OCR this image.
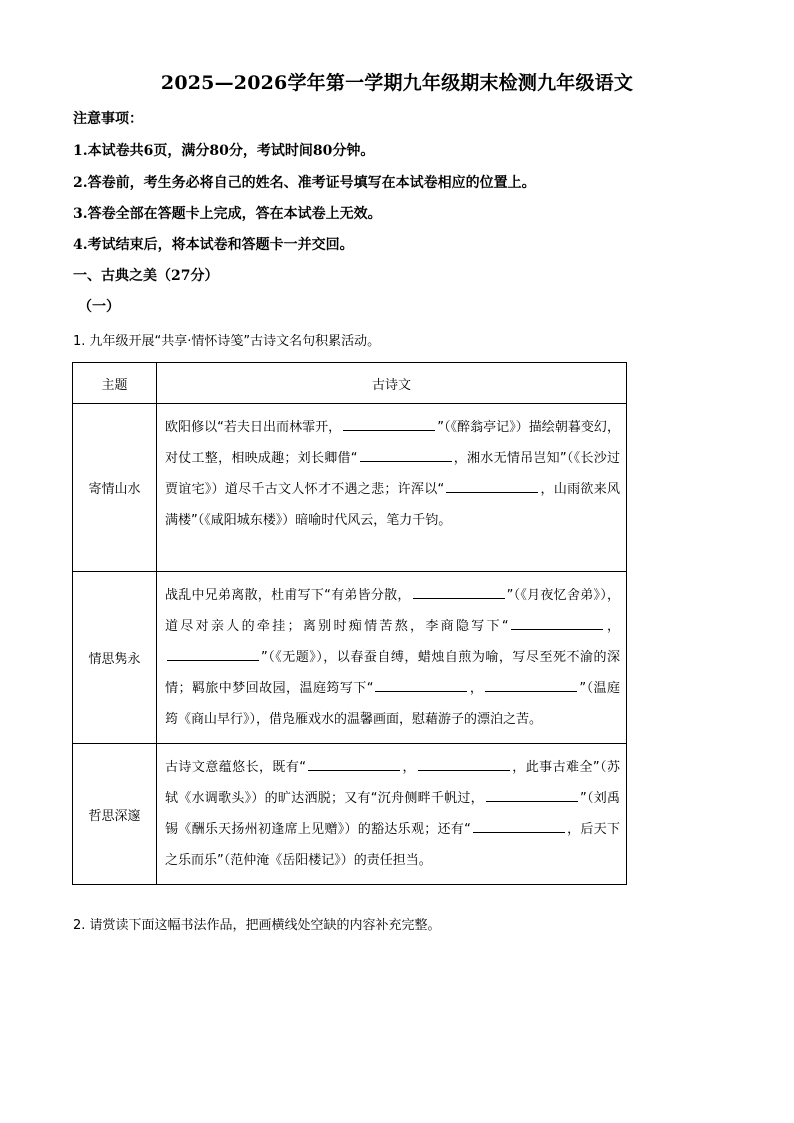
2025—2026学年第一学期九年级期末检测九年级语文
注意事项：
1.本试卷共6页，满分80分，考试时间80分钟。
2.答卷前，考生务必将自己的姓名、准考证号填写在本试卷相应的位置上。
3.答卷全部在答题卡上完成，答在本试卷上无效。
4.考试结束后，将本试卷和答题卡一并交回。
一、古典之美（27分）
（一）
1. 九年级开展“共享·情怀诗笺”古诗文名句积累活动。
主题	古诗文
寄情山水	欧阳修以“若夫日出而林霏开， ”（《醉翁亭记》）描绘朝暮变幻，对仗工整，相映成趣；刘长卿借“ ，湘水无情吊岂知”（《长沙过贾谊宅》）道尽千古文人怀才不遇之悲；许浑以“ ，山雨欲来风满楼”（《咸阳城东楼》）暗喻时代风云，笔力千钧。
情思隽永	战乱中兄弟离散，杜甫写下“有弟皆分散， ”（《月夜忆舍弟》），道尽对亲人的牵挂；离别时痴情苦熬，李商隐写下“ ，”（《无题》），以春蚕自缚，蜡烛自煎为喻，写尽至死不渝的深情；羁旅中梦回故园，温庭筠写下“ ， ”（温庭筠《商山早行》），借凫雁戏水的温馨画面，慰藉游子的漂泊之苦。
哲思深邃	古诗文意蕴悠长，既有“ ， ，此事古难全”（苏轼《水调歌头》）的旷达洒脱；又有“沉舟侧畔千帆过， ”（刘禹锡《酬乐天扬州初逢席上见赠》）的豁达乐观；还有“ ，后天下之乐而乐”（范仲淹《岳阳楼记》）的责任担当。
2. 请赏读下面这幅书法作品，把画横线处空缺的内容补充完整。
